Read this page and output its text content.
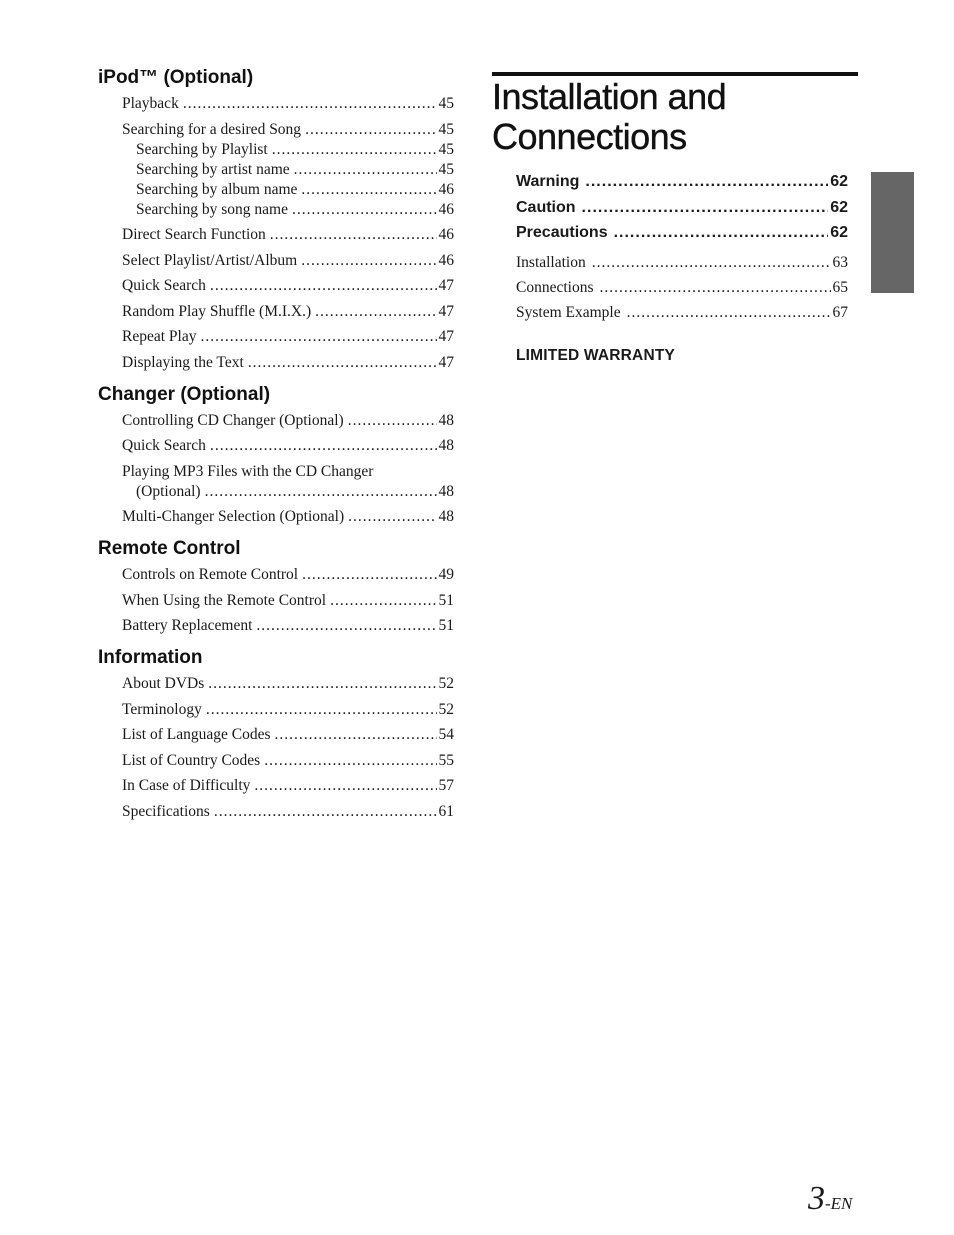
iPod™ (Optional)
Playback .....	45
Searching for a desired Song .....	45
Searching by Playlist .....	45
Searching by artist name .....	45
Searching by album name .....	46
Searching by song name .....	46
Direct Search Function .....	46
Select Playlist/Artist/Album .....	46
Quick Search .....	47
Random Play Shuffle (M.I.X.) .....	47
Repeat Play .....	47
Displaying the Text .....	47
Changer (Optional)
Controlling CD Changer (Optional) .....	48
Quick Search .....	48
Playing MP3 Files with the CD Changer
(Optional) .....	48
Multi-Changer Selection (Optional) .....	48
Remote Control
Controls on Remote Control .....	49
When Using the Remote Control .....	51
Battery Replacement .....	51
Information
About DVDs .....	52
Terminology .....	52
List of Language Codes .....	54
List of Country Codes .....	55
In Case of Difficulty .....	57
Specifications .....	61
Installation and
Connections
Warning .....	62
Caution .....	62
Precautions .....	62
Installation .....	63
Connections .....	65
System Example .....	67
LIMITED WARRANTY
3-EN
